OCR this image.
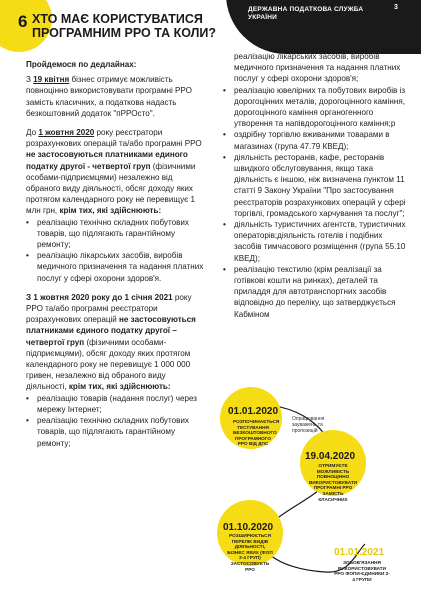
6 ХТО МАЄ КОРИСТУВАТИСЯ ПРОГРАМНИМ РРО ТА КОЛИ?
ДЕРЖАВНА ПОДАТКОВА СЛУЖБА УКРАЇНИ
3

Пройдемося по дедлайнах:

З 19 квітня бізнес отримує можливість повноцінно використовувати програмні РРО замість класичних, а податкова надасть безкоштовний додаток "пРРОсто".

До 1 жовтня 2020 року реєстратори розрахункових операцій та/або програмні РРО не застосовуються платниками единого податку другої - четвертої груп (фізичними особами-підприємцями) незалежно від обраного виду діяльності, обсяг доходу яких протягом календарного року не перевищує 1 млн грн, крім тих, які здійснюють:

• реалізацію технічно складних побутових товарів, що підлягають гарантійному ремонту;
• реалізацію лікарських засобів, виробів медичного призначення та надання платних послуг у сфері охорони здоров'я.

З 1 жовтня 2020 року до 1 січня 2021 року РРО та/або програмні реєстратори розрахункових операцій не застосовуються платниками єдиного податку другої – четвертої груп (фізичними особами-підприємцями), обсяг доходу яких протягом календарного року не перевищує 1 000 000 гривен, незалежно від обраного виду діяльності, крім тих, які здійснюють:

• реалізацію товарів (надання послуг) через мережу Інтернет;
• реалізацію технічно складних побутових товарів, що підлягають гарантійному ремонту;

реалізацію лікарських засобів, виробів медичного призначення та надання платних послуг у сфері охорони здоров'я;

• реалізацію ювелірних та побутових виробів із дорогоцінних металів, дорогоцінного каміння, дорогоцінного каміння органогенного утворення та напівдорогоцінного каміння;р
• оздрібну торгівлю вживаними товарами в магазинах (група 47.79 КВЕД);
• діяльність ресторанів, кафе, ресторанів швидкого обслуговування, якщо така діяльність є іншою, ніж визначена пунктом 11 статті 9 Закону України "Про застосування реєстраторів розрахункових операцій у сфері торгівлі, громадського харчування та послуг";
• діяльність туристичних агентств, туристичних операторів;діяльність готелів і подібних засобів тимчасового розміщення (група 55.10 КВЕД);
• реалізацію текстилю (крім реалізації за готівкові кошти на ринках), деталей та приладдя для автотранспортних засобів відповідно до переліку, що затверджується Кабміном
01.01.2020
РОЗПОЧИНАЄТЬСЯ ТЕСТУВАННЯ БЕЗКОШТОВНОГО ПРОГРАМНОГО РРО ВІД ДПС
Опрацювання зауважень та пропозицій
19.04.2020
ОТРИМУЄТЕ МОЖЛИВІСТЬ ПОВНОЦІННО ВИКОРИСТОВУВАТИ ПРОГРАМНІ РРО ЗАМІСТЬ КЛАСИЧНИХ
01.10.2020
РОЗШИРЮЄТЬСЯ ПЕРЕЛІК ВИДІВ ДІЯЛЬНОСТІ, БІЗНЕС ЯКИХ (ФОП 2-4 ГРУП) ЗАСТОСОВУЄТЬ РРО
01.01.2021
ЗОБОВ'ЯЗАННЯ ВИКОРИСТОВУВАТИ РРО ФОПИ-ЄДИНИКИ 2-4 ГРУПИ
